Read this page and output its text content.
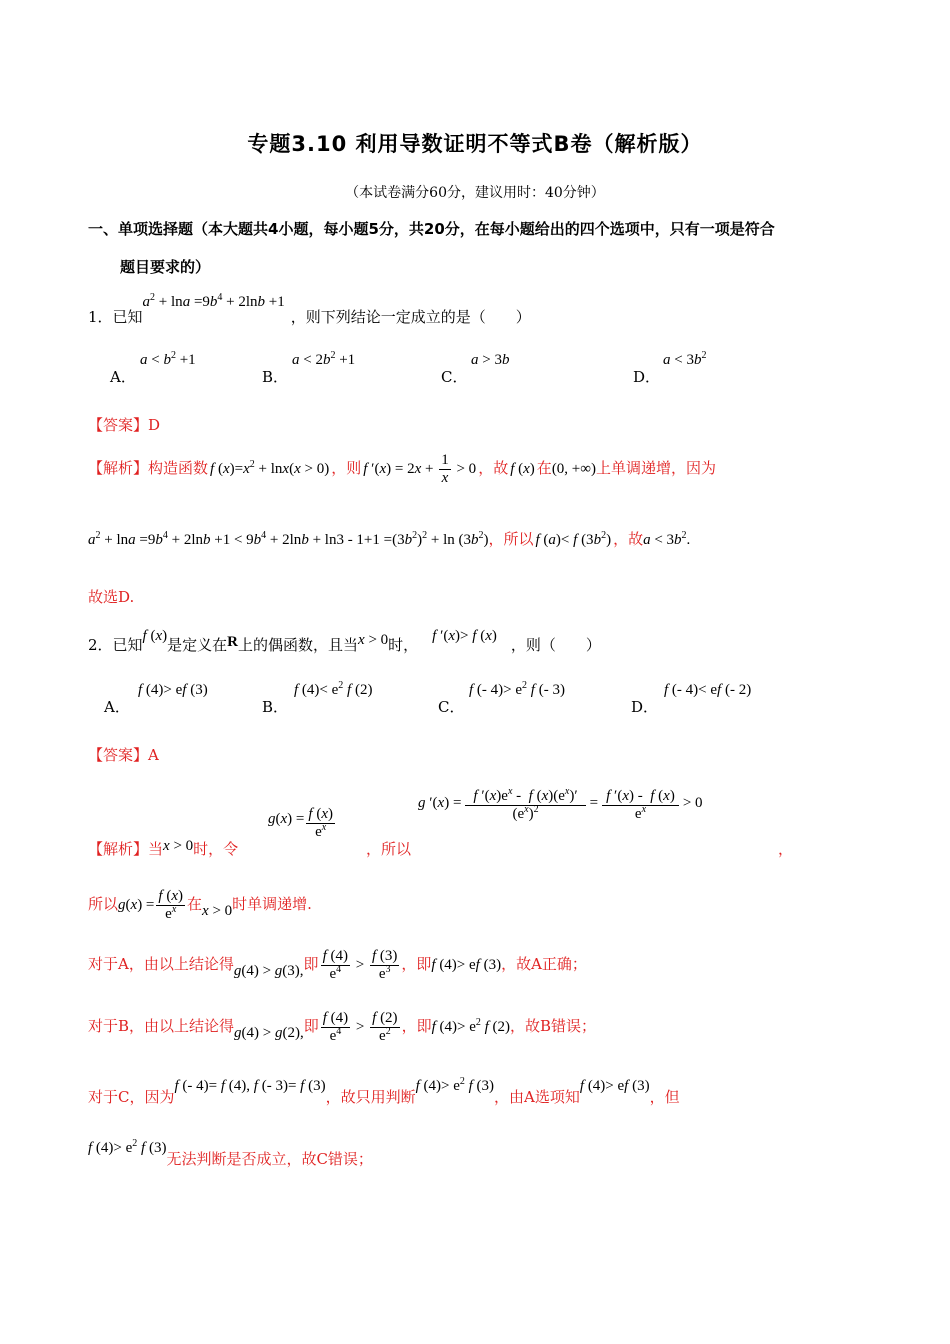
专题3.10 利用导数证明不等式B卷（解析版）
（本试卷满分60分，建议用时：40分钟）
一、单项选择题（本大题共4小题，每小题5分，共20分，在每小题给出的四个选项中，只有一项是符合
题目要求的）
1．已知$a^2 + \ln a =9b^4 + 2\ln b +1$，则下列结论一定成立的是（　　）
A．
$a < b^2 +1$
B．
$a < 2b^2 +1$
C．
a > 3b
D．
$a < 3b^2$
【答案】D
【解析】构造函数 f $(x)=x^2 + \ln x(x > 0)$ ，则 f $'(x) = 2x + \frac{1}{x} > 0$ ，故 f (x) 在(0, +∞)上单调递增，因为
$a^2 + \ln a =9b^4 + 2\ln b +1 < 9b^4 + 2\ln b + \ln 3 - 1+1 =(3b^2)^2 + \ln (3b^2)$，所以 f (a)< f $(3b^2)$ ，故$a < 3b^2$.
故选D.
2．已知f (x)是定义在R上的偶函数，且当x > 0时， f ′(x)> f (x) ，则（　　）
A．
f (4)> ef (3)
B．
f $(4)< e^2$ f (2)
C．
f (- $4)> e^2$ f (- 3)
D．
f (- 4)< ef (- 2)
【答案】A
【解析】当x > 0时，令
$g(x) = \frac{f (x)}{e^x}$
，所以
g $'(x) = \frac{f '(x)e^x - f (x)(e^x)'}{(e^x)^2} = \frac{f '(x) - f (x)}{e^x} > 0$
，
所以$g(x) = \frac{f (x)}{e^x}$ 在x > 0时单调递增.
对于A，由以上结论得g(4) > g(3),即 $\frac{f (4)}{e^4} > \frac{f (3)}{e^3}$ ，即f (4)> ef (3)，故A正确；
对于B，由以上结论得g(4) > g(2),即 $\frac{f (4)}{e^4} > \frac{f (2)}{e^2}$ ，即f $(4)> e^2$ f (2)，故B错误；
对于C，因为f (- 4)= f (4), f (- 3)= f (3)，故只用判断f $(4)> e^2$ f (3)，由A选项知f (4)> ef (3)，但
f $(4)> e^2$ f (3)无法判断是否成立，故C错误；
